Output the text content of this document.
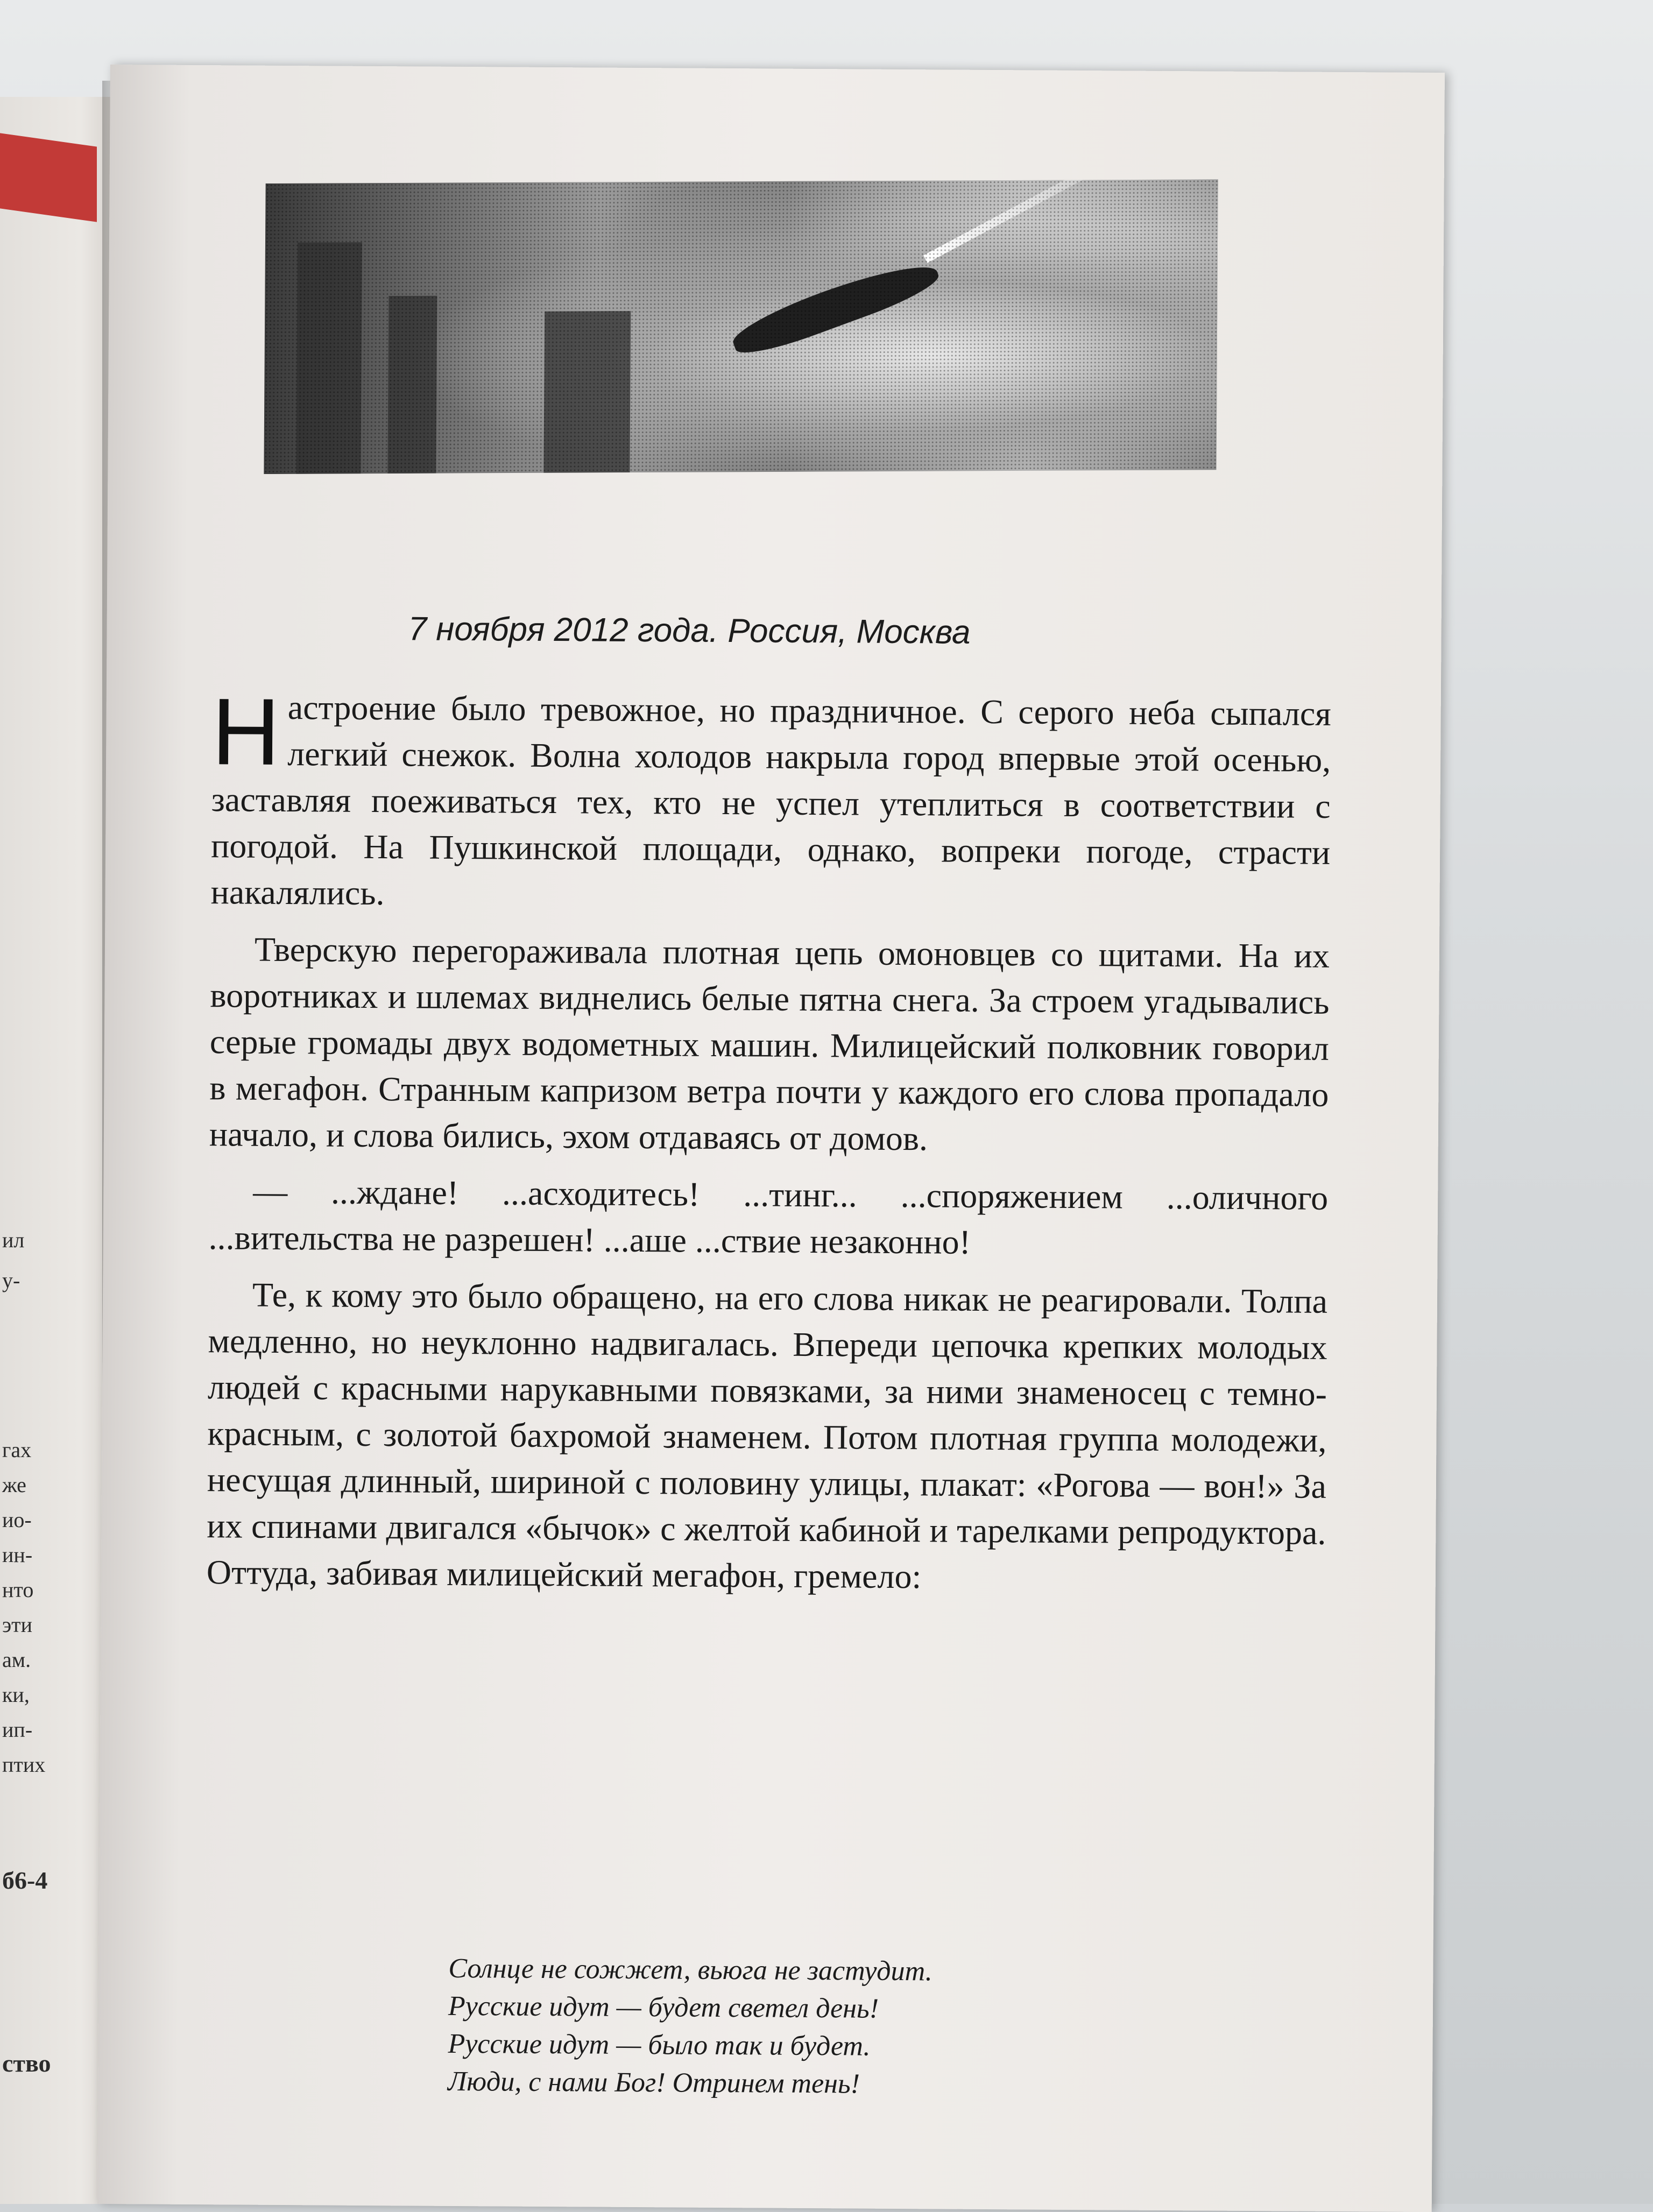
ил
у-
гах
же
ио-
ин-
нто
эти
ам.
ки,
ип-
птих
б6-4
ство
7 ноября 2012 года. Россия, Москва

Настроение было тревожное, но праздничное. С серого неба сыпался легкий снежок. Волна холодов накрыла город впервые этой осенью, заставляя поеживаться тех, кто не успел утеплиться в соответствии с погодой. На Пушкинской площади, однако, вопреки погоде, страсти накалялись.

Тверскую перегораживала плотная цепь омоновцев со щитами. На их воротниках и шлемах виднелись белые пятна снега. За строем угадывались серые громады двух водометных машин. Милицейский полковник говорил в мегафон. Странным капризом ветра почти у каждого его слова пропадало начало, и слова бились, эхом отдаваясь от домов.

— ...ждане! ...асходитесь! ...тинг... ...споряжением ...оличного ...вительства не разрешен! ...аше ...ствие незаконно!

Те, к кому это было обращено, на его слова никак не реагировали. Толпа медленно, но неуклонно надвигалась. Впереди цепочка крепких молодых людей с красными нарукавными повязками, за ними знаменосец с темно-красным, с золотой бахромой знаменем. Потом плотная группа молодежи, несущая длинный, шириной с половину улицы, плакат: «Рогова — вон!» За их спинами двигался «бычок» с желтой кабиной и тарелками репродуктора. Оттуда, забивая милицейский мегафон, гремело:

Солнце не сожжет, вьюга не застудит.
Русские идут — будет светел день!
Русские идут — было так и будет.
Люди, с нами Бог! Отринем тень!
